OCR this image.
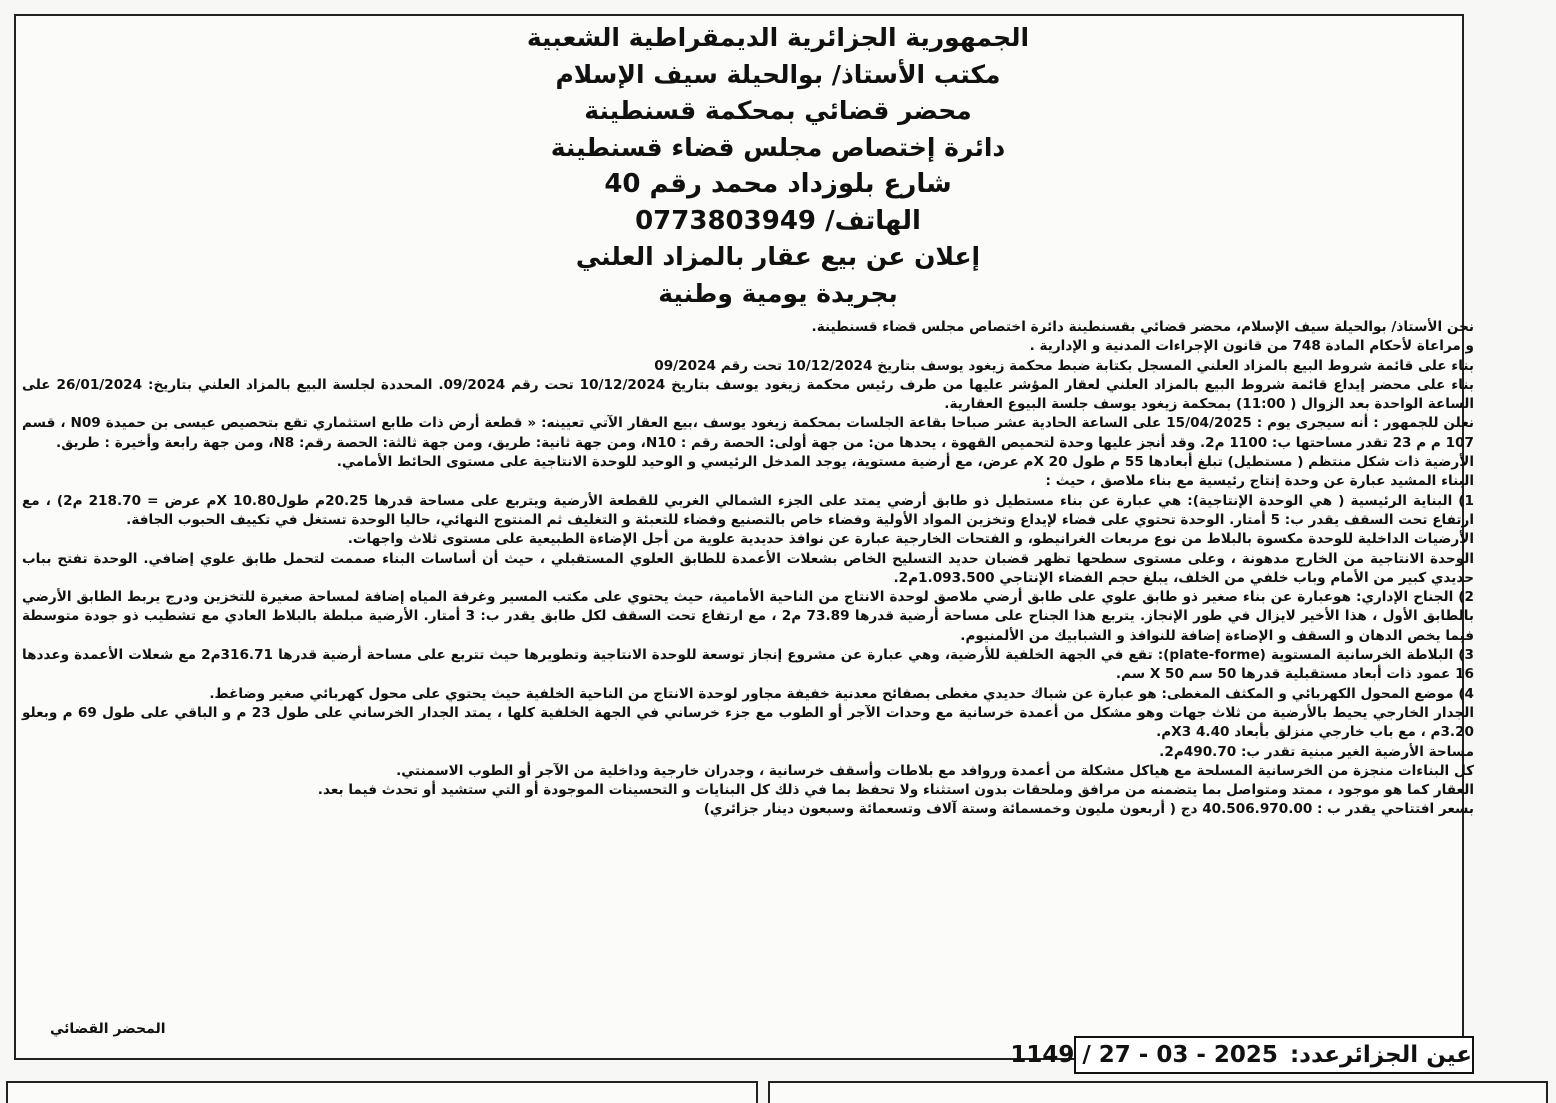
الجمهورية الجزائرية الديمقراطية الشعبية
مكتب الأستاذ/ بوالحيلة سيف الإسلام
محضر قضائي بمحكمة قسنطينة
دائرة إختصاص مجلس قضاء قسنطينة
شارع بلوزداد محمد رقم 40
الهاتف/ 0773803949
إعلان عن بيع عقار بالمزاد العلني
بجريدة يومية وطنية

نحن الأستاذ/ بوالحيلة سيف الإسلام، محضر قضائي بقسنطينة دائرة اختصاص مجلس قضاء قسنطينة.

و مراعاة لأحكام المادة 748 من قانون الإجراءات المدنية و الإدارية .

بناء على قائمة شروط البيع بالمزاد العلني المسجل بكتابة ضبط محكمة زيغود يوسف بتاريخ 10/12/2024 تحت رقم 09/2024

بناء على محضر إيداع قائمة شروط البيع بالمزاد العلني لعقار المؤشر عليها من طرف رئيس محكمة زيغود يوسف بتاريخ 10/12/2024 تحت رقم 09/2024. المحددة لجلسة البيع بالمزاد العلني بتاريخ: 26/01/2024 على الساعة الواحدة بعد الزوال ( 11:00) بمحكمة زيغود يوسف جلسة البيوع العقارية.

نعلن للجمهور : أنه سيجرى يوم : 15/04/2025 على الساعة الحادية عشر صباحا بقاعة الجلسات بمحكمة زيغود يوسف ،بيع العقار الآتي تعيينه: « قطعة أرض ذات طابع استثماري تقع بتحصيص عيسى بن حميدة N09 ، قسم 107 م م 23 تقدر مساحتها ب: 1100 م2. وقد أنجز عليها وحدة لتحميص القهوة ، يحدها من: من جهة أولى: الحصة رقم : N10، ومن جهة ثانية: طريق، ومن جهة ثالثة: الحصة رقم: N8، ومن جهة رابعة وأخيرة : طريق.

الأرضية ذات شكل منتظم ( مستطيل) تبلغ أبعادها 55 م طول 20 Xم عرض، مع أرضية مستوية، يوجد المدخل الرئيسي و الوحيد للوحدة الانتاجية على مستوى الحائط الأمامي.

البناء المشيد عبارة عن وحدة إنتاج رئيسية مع بناء ملاصق ، حيث :

1) البناية الرئيسية ( هي الوحدة الإنتاجية): هي عبارة عن بناء مستطيل ذو طابق أرضي يمتد على الجزء الشمالي الغربي للقطعة الأرضية ويتربع على مساحة قدرها 20.25م طول10.80 Xم عرض = 218.70 م2) ، مع ارتفاع تحت السقف يقدر ب: 5 أمتار. الوحدة تحتوي على فضاء لإيداع وتخزين المواد الأولية وفضاء خاص بالتصنيع وفضاء للتعبئة و التغليف ثم المنتوج النهائي، حاليا الوحدة تستغل في تكييف الحبوب الجافة.

الأرضيات الداخلية للوحدة مكسوة بالبلاط من نوع مربعات الغرانيطو، و الفتحات الخارجية عبارة عن نوافذ حديدية علوية من أجل الإضاءة الطبيعية على مستوى ثلاث واجهات.

الوحدة الانتاجية من الخارج مدهونة ، وعلى مستوى سطحها تظهر قضبان حديد التسليح الخاص بشعلات الأعمدة للطابق العلوي المستقبلي ، حيث أن أساسات البناء صممت لتحمل طابق علوي إضافي. الوحدة تفتح بباب حديدي كبير من الأمام وباب خلفي من الخلف، يبلغ حجم الفضاء الإنتاجي 1.093.500م2.

2) الجناح الإداري: هوعبارة عن بناء صغير ذو طابق علوي على طابق أرضي ملاصق لوحدة الانتاج من الناحية الأمامية، حيث يحتوي على مكتب المسير وغرفة المياه إضافة لمساحة صغيرة للتخزين ودرج يربط الطابق الأرضي بالطابق الأول ، هذا الأخير لايزال في طور الإنجاز. يتربع هذا الجناح على مساحة أرضية قدرها 73.89 م2 ، مع ارتفاع تحت السقف لكل طابق يقدر ب: 3 أمتار. الأرضية مبلطة بالبلاط العادي مع تشطيب ذو جودة متوسطة فيما يخص الدهان و السقف و الإضاءة إضافة للنوافذ و الشبابيك من الألمنيوم.

3) البلاطة الخرسانية المستوية (plate-forme): تقع في الجهة الخلفية للأرضية، وهي عبارة عن مشروع إنجاز توسعة للوحدة الانتاجية وتطويرها حيث تتربع على مساحة أرضية قدرها 316.71م2 مع شعلات الأعمدة وعددها 16 عمود ذات أبعاد مستقبلية قدرها 50 سم 50 X سم.

4) موضع المحول الكهربائي و المكثف المغطى: هو عبارة عن شباك حديدي مغطى بصفائح معدنية خفيفة مجاور لوحدة الانتاج من الناحية الخلفية حيث يحتوي على محول كهربائي صغير وضاغط.

الجدار الخارجي يحيط بالأرضية من ثلاث جهات وهو مشكل من أعمدة خرسانية مع وحدات الآجر أو الطوب مع جزء خرساني في الجهة الخلفية كلها ، يمتد الجدار الخرساني على طول 23 م و الباقي على طول 69 م وبعلو 3.20م ، مع باب خارجي منزلق بأبعاد 4.40 X3م.

مساحة الأرضية الغير مبنية تقدر ب: 490.70م2.

كل البناءات منجزة من الخرسانية المسلحة مع هياكل مشكلة من أعمدة وروافد مع بلاطات وأسقف خرسانية ، وجدران خارجية وداخلية من الآجر أو الطوب الاسمنتي.

العقار كما هو موجود ، ممتد ومتواصل بما يتضمنه من مرافق وملحقات بدون استثناء ولا تحفظ بما في ذلك كل البنايات و التحسينات الموجودة أو التي ستشيد أو تحدث فيما بعد.

بسعر افتتاحي يقدر ب : 40.506.970.00 دج ( أربعون مليون وخمسمائة وستة آلاف وتسعمائة وسبعون دينار جزائري)

المحضر القضائي
عين الجزائرعدد: 1149 / 27 - 03 - 2025
